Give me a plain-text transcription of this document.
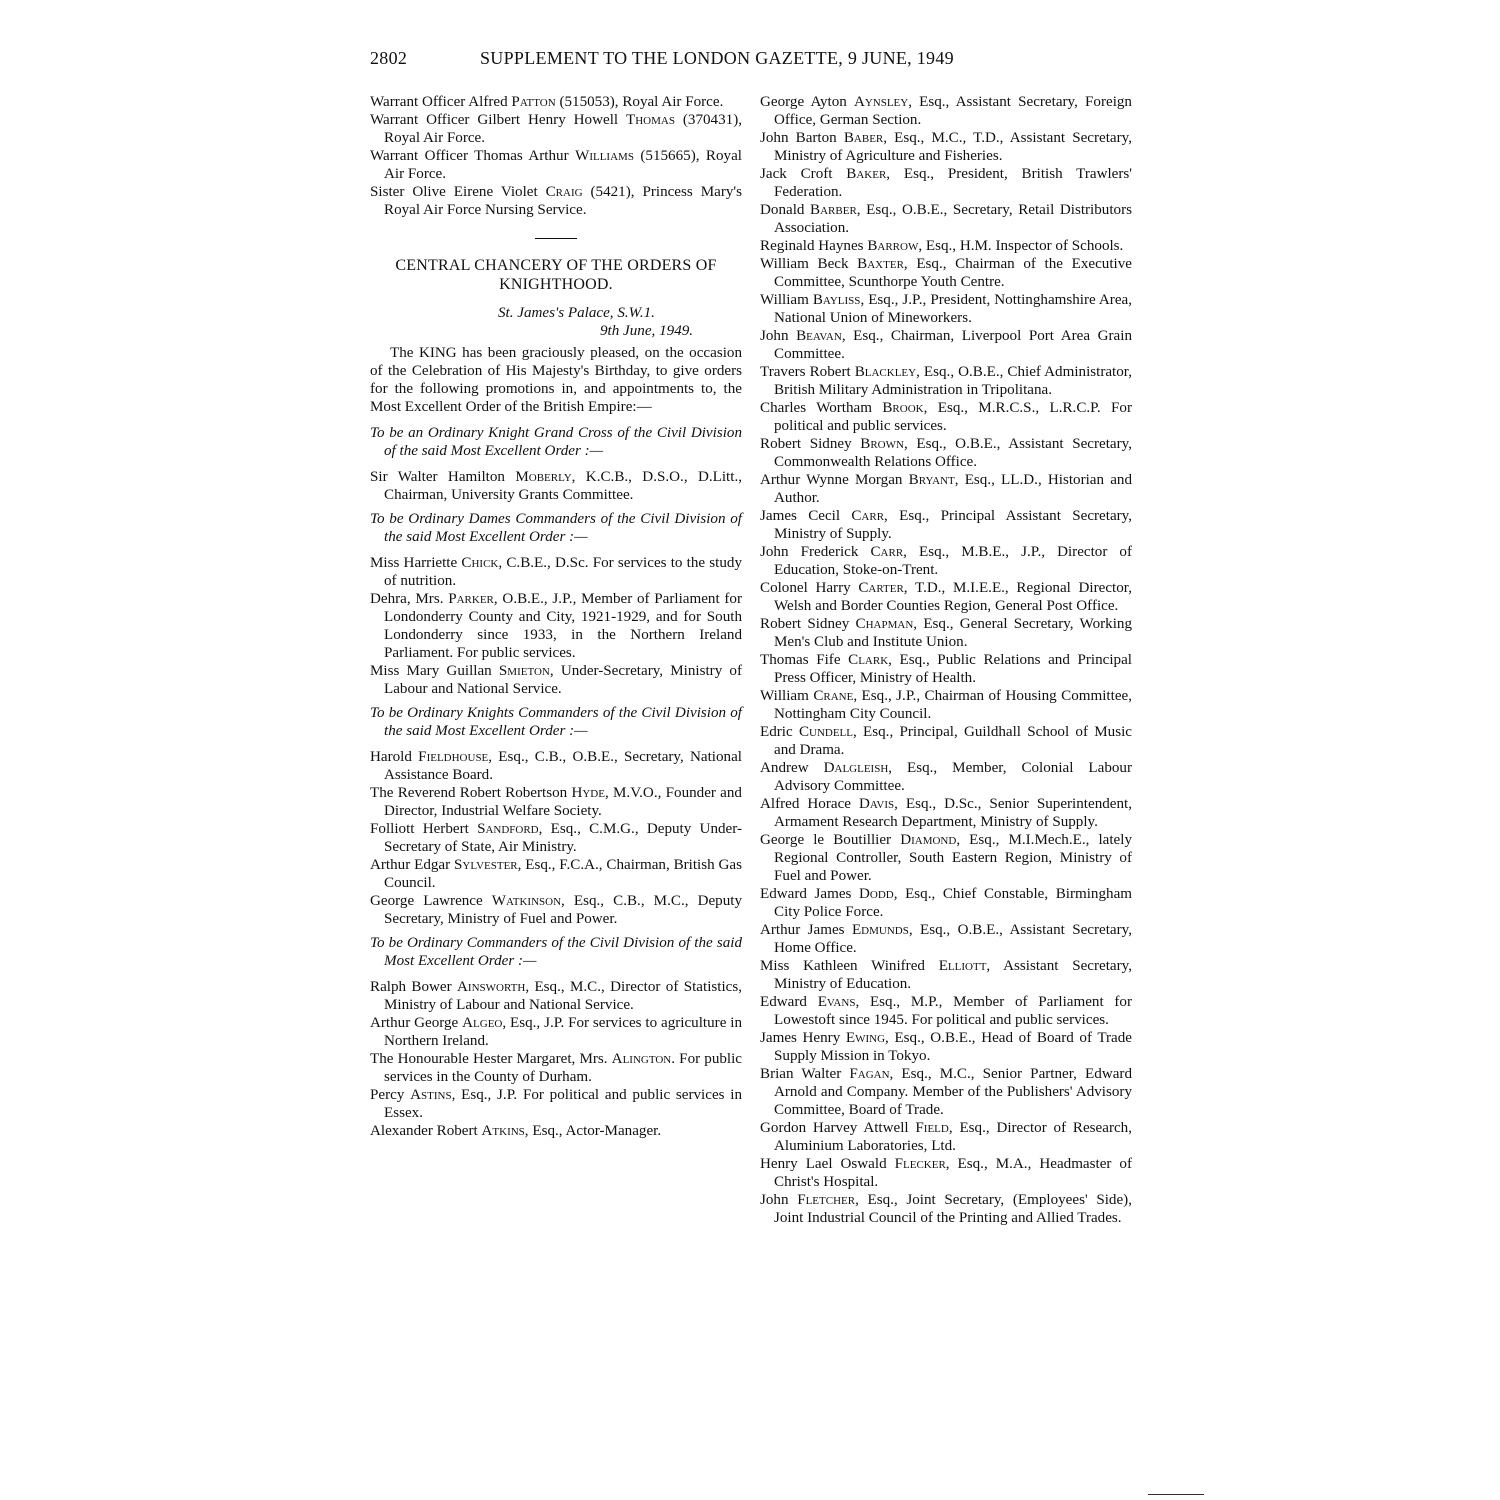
2802	SUPPLEMENT TO THE LONDON GAZETTE, 9 JUNE, 1949

Warrant Officer Alfred Patton (515053), Royal Air Force.

Warrant Officer Gilbert Henry Howell Thomas (370431), Royal Air Force.

Warrant Officer Thomas Arthur Williams (515665), Royal Air Force.

Sister Olive Eirene Violet Craig (5421), Princess Mary's Royal Air Force Nursing Service.

CENTRAL CHANCERY OF THE ORDERS OF KNIGHTHOOD.
St. James's Palace, S.W.1.
9th June, 1949.

The KING has been graciously pleased, on the occasion of the Celebration of His Majesty's Birthday, to give orders for the following promotions in, and appointments to, the Most Excellent Order of the British Empire:—

To be an Ordinary Knight Grand Cross of the Civil Division of the said Most Excellent Order :—

Sir Walter Hamilton Moberly, K.C.B., D.S.O., D.Litt., Chairman, University Grants Committee.

To be Ordinary Dames Commanders of the Civil Division of the said Most Excellent Order :—

Miss Harriette Chick, C.B.E., D.Sc. For services to the study of nutrition.

Dehra, Mrs. Parker, O.B.E., J.P., Member of Parliament for Londonderry County and City, 1921-1929, and for South Londonderry since 1933, in the Northern Ireland Parliament. For public services.

Miss Mary Guillan Smieton, Under-Secretary, Ministry of Labour and National Service.

To be Ordinary Knights Commanders of the Civil Division of the said Most Excellent Order :—

Harold Fieldhouse, Esq., C.B., O.B.E., Secretary, National Assistance Board.

The Reverend Robert Robertson Hyde, M.V.O., Founder and Director, Industrial Welfare Society.

Folliott Herbert Sandford, Esq., C.M.G., Deputy Under-Secretary of State, Air Ministry.

Arthur Edgar Sylvester, Esq., F.C.A., Chairman, British Gas Council.

George Lawrence Watkinson, Esq., C.B., M.C., Deputy Secretary, Ministry of Fuel and Power.

To be Ordinary Commanders of the Civil Division of the said Most Excellent Order :—

Ralph Bower Ainsworth, Esq., M.C., Director of Statistics, Ministry of Labour and National Service.

Arthur George Algeo, Esq., J.P. For services to agriculture in Northern Ireland.

The Honourable Hester Margaret, Mrs. Alington. For public services in the County of Durham.

Percy Astins, Esq., J.P. For political and public services in Essex.

Alexander Robert Atkins, Esq., Actor-Manager.

George Ayton Aynsley, Esq., Assistant Secretary, Foreign Office, German Section.

John Barton Baber, Esq., M.C., T.D., Assistant Secretary, Ministry of Agriculture and Fisheries.

Jack Croft Baker, Esq., President, British Trawlers' Federation.

Donald Barber, Esq., O.B.E., Secretary, Retail Distributors Association.

Reginald Haynes Barrow, Esq., H.M. Inspector of Schools.

William Beck Baxter, Esq., Chairman of the Executive Committee, Scunthorpe Youth Centre.

William Bayliss, Esq., J.P., President, Nottinghamshire Area, National Union of Mineworkers.

John Beavan, Esq., Chairman, Liverpool Port Area Grain Committee.

Travers Robert Blackley, Esq., O.B.E., Chief Administrator, British Military Administration in Tripolitana.

Charles Wortham Brook, Esq., M.R.C.S., L.R.C.P. For political and public services.

Robert Sidney Brown, Esq., O.B.E., Assistant Secretary, Commonwealth Relations Office.

Arthur Wynne Morgan Bryant, Esq., LL.D., Historian and Author.

James Cecil Carr, Esq., Principal Assistant Secretary, Ministry of Supply.

John Frederick Carr, Esq., M.B.E., J.P., Director of Education, Stoke-on-Trent.

Colonel Harry Carter, T.D., M.I.E.E., Regional Director, Welsh and Border Counties Region, General Post Office.

Robert Sidney Chapman, Esq., General Secretary, Working Men's Club and Institute Union.

Thomas Fife Clark, Esq., Public Relations and Principal Press Officer, Ministry of Health.

William Crane, Esq., J.P., Chairman of Housing Committee, Nottingham City Council.

Edric Cundell, Esq., Principal, Guildhall School of Music and Drama.

Andrew Dalgleish, Esq., Member, Colonial Labour Advisory Committee.

Alfred Horace Davis, Esq., D.Sc., Senior Superintendent, Armament Research Department, Ministry of Supply.

George le Boutillier Diamond, Esq., M.I.Mech.E., lately Regional Controller, South Eastern Region, Ministry of Fuel and Power.

Edward James Dodd, Esq., Chief Constable, Birmingham City Police Force.

Arthur James Edmunds, Esq., O.B.E., Assistant Secretary, Home Office.

Miss Kathleen Winifred Elliott, Assistant Secretary, Ministry of Education.

Edward Evans, Esq., M.P., Member of Parliament for Lowestoft since 1945. For political and public services.

James Henry Ewing, Esq., O.B.E., Head of Board of Trade Supply Mission in Tokyo.

Brian Walter Fagan, Esq., M.C., Senior Partner, Edward Arnold and Company. Member of the Publishers' Advisory Committee, Board of Trade.

Gordon Harvey Attwell Field, Esq., Director of Research, Aluminium Laboratories, Ltd.

Henry Lael Oswald Flecker, Esq., M.A., Headmaster of Christ's Hospital.

John Fletcher, Esq., Joint Secretary, (Employees' Side), Joint Industrial Council of the Printing and Allied Trades.
